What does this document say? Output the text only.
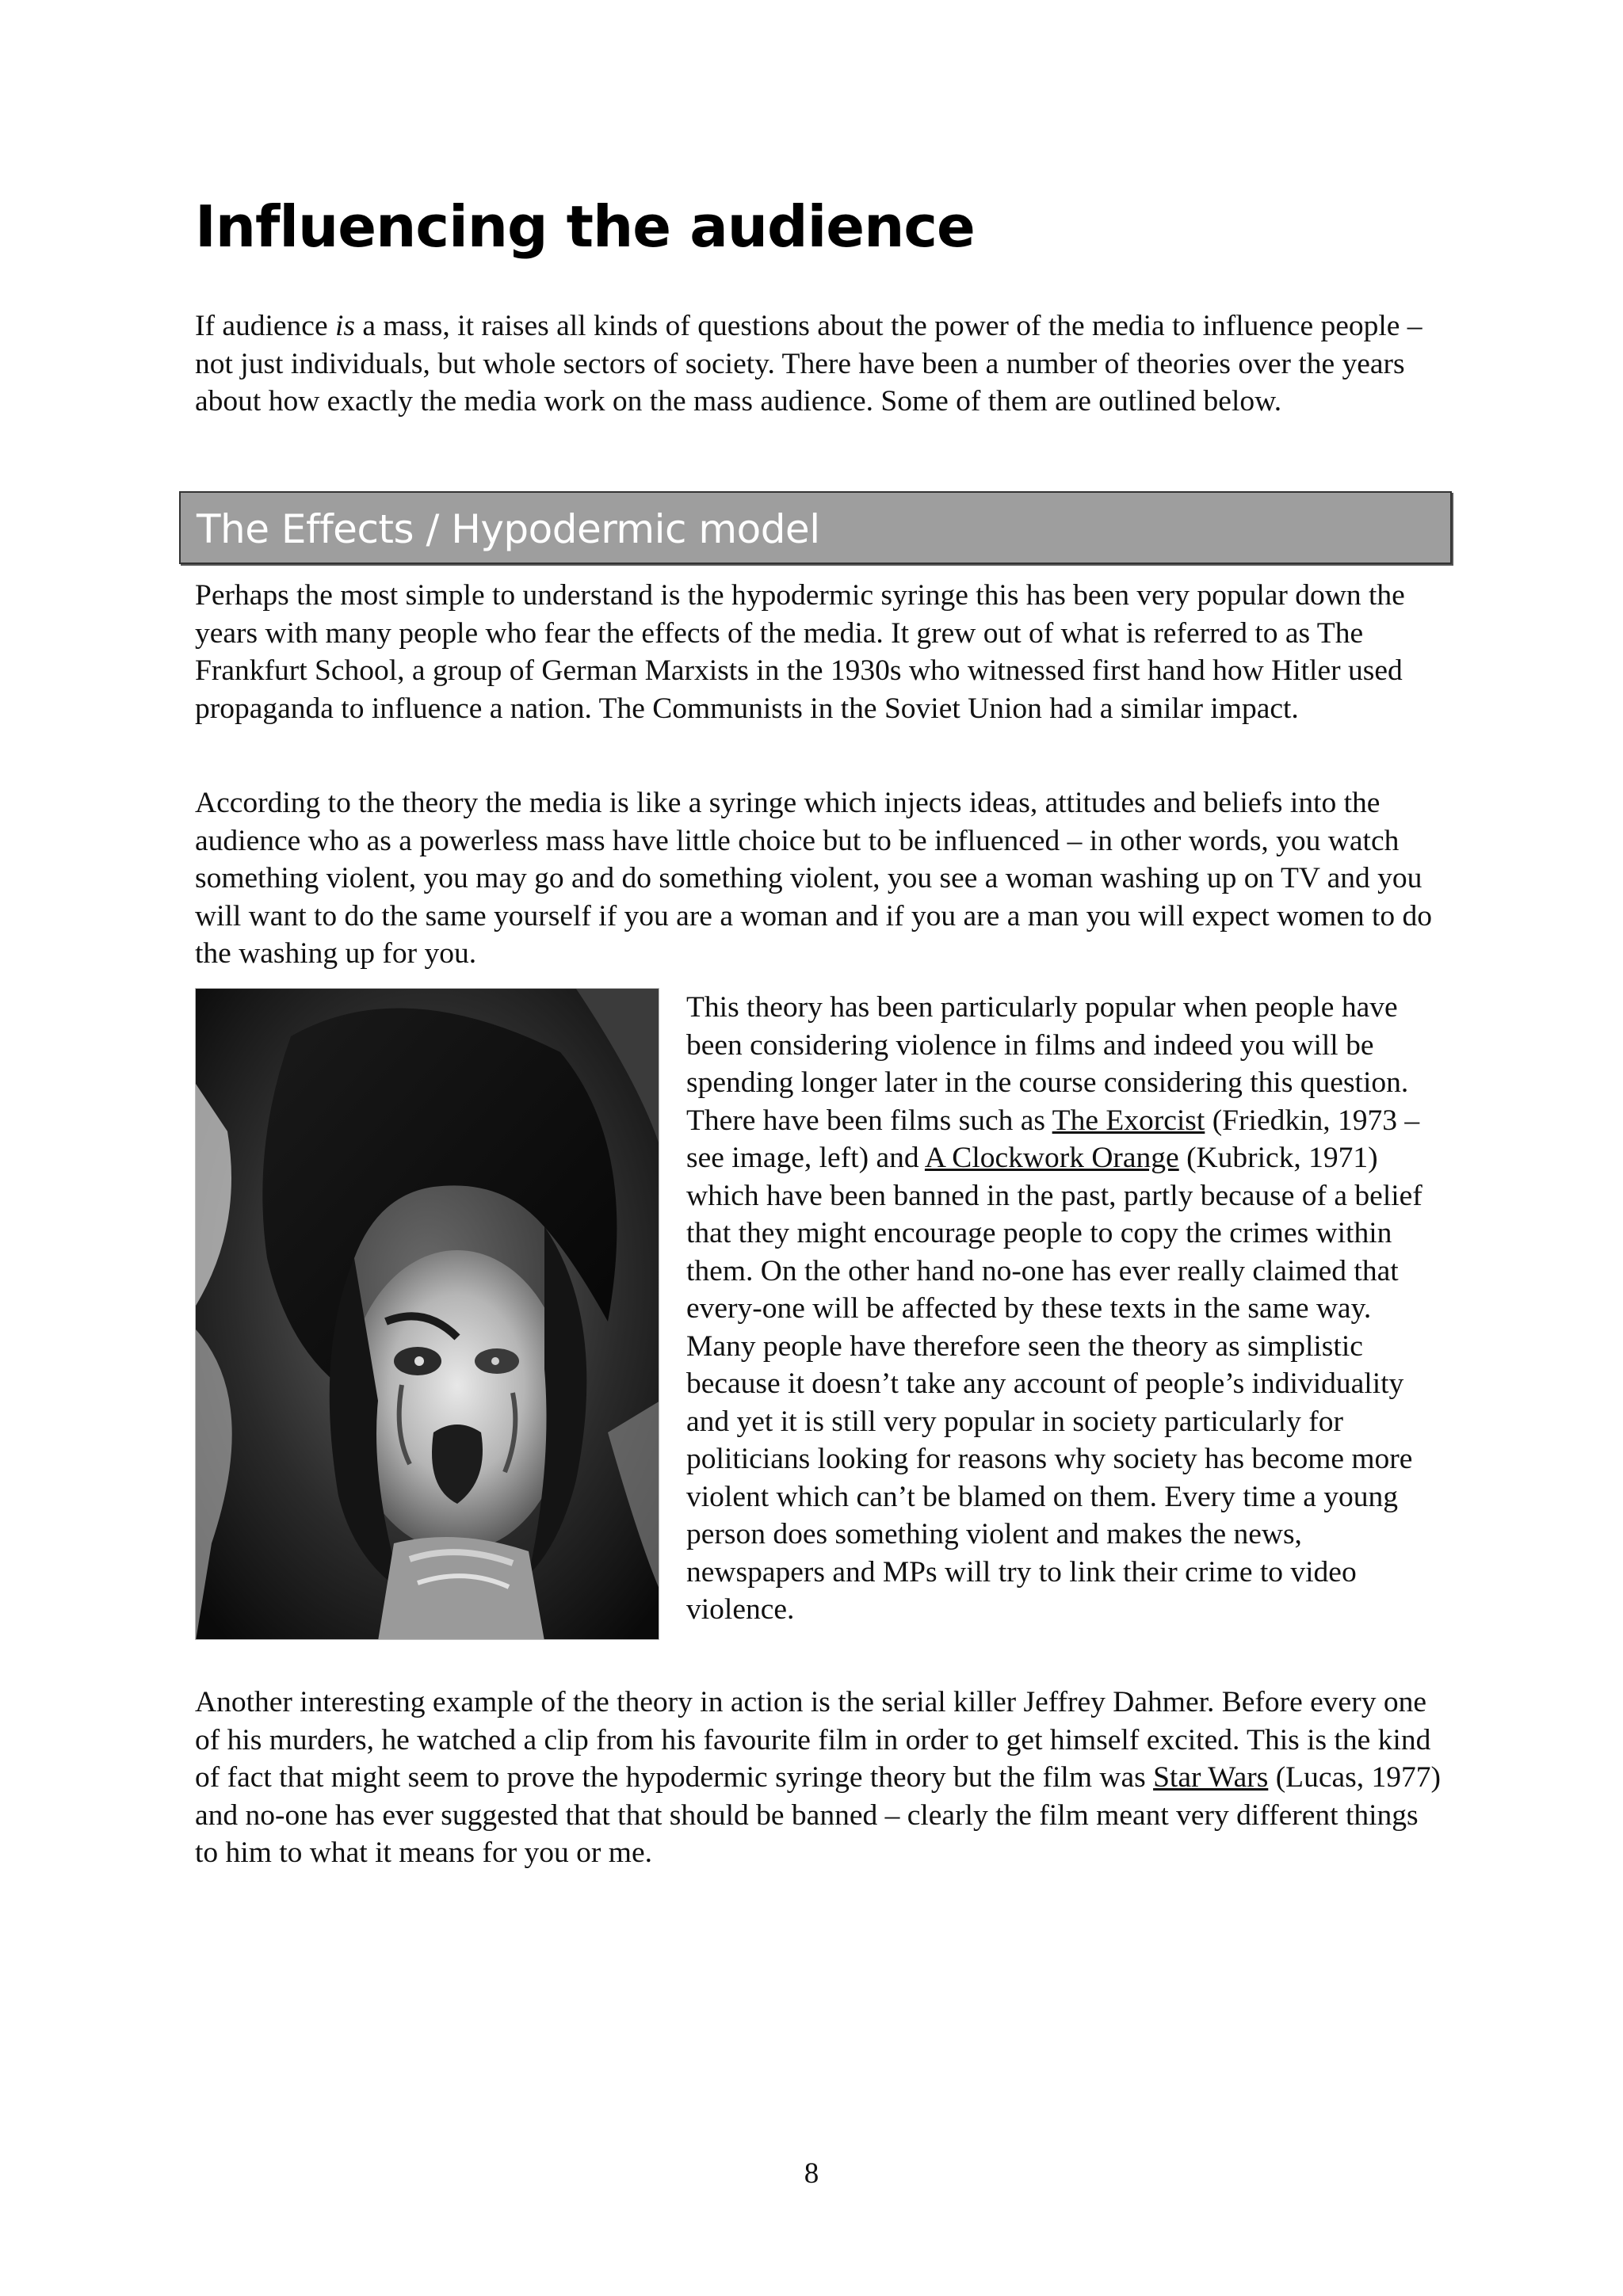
Influencing the audience

If audience is a mass, it raises all kinds of questions about the power of the media to influence people – not just individuals, but whole sectors of society. There have been a number of theories over the years about how exactly the media work on the mass audience. Some of them are outlined below.

The Effects / Hypodermic model

Perhaps the most simple to understand is the hypodermic syringe this has been very popular down the years with many people who fear the effects of the media. It grew out of what is referred to as The Frankfurt School, a group of German Marxists in the 1930s who witnessed first hand how Hitler used propaganda to influence a nation. The Communists in the Soviet Union had a similar impact.

According to the theory the media is like a syringe which injects ideas, attitudes and beliefs into the audience who as a powerless mass have little choice but to be influenced – in other words, you watch something violent, you may go and do something violent, you see a woman washing up on TV and you will want to do the same yourself if you are a woman and if you are a man you will expect women to do the washing up for you.

This theory has been particularly popular when people have been considering violence in films and indeed you will be spending longer later in the course considering this question. There have been films such as The Exorcist (Friedkin, 1973 – see image, left) and A Clockwork Orange (Kubrick, 1971) which have been banned in the past, partly because of a belief that they might encourage people to copy the crimes within them. On the other hand no-one has ever really claimed that every-one will be affected by these texts in the same way. Many people have therefore seen the theory as simplistic because it doesn’t take any account of people’s individuality and yet it is still very popular in society particularly for politicians looking for reasons why society has become more violent which can’t be blamed on them. Every time a young person does something violent and makes the news, newspapers and MPs will try to link their crime to video violence.

Another interesting example of the theory in action is the serial killer Jeffrey Dahmer. Before every one of his murders, he watched a clip from his favourite film in order to get himself excited. This is the kind of fact that might seem to prove the hypodermic syringe theory but the film was Star Wars (Lucas, 1977) and no-one has ever suggested that that should be banned – clearly the film meant very different things to him to what it means for you or me.

8
